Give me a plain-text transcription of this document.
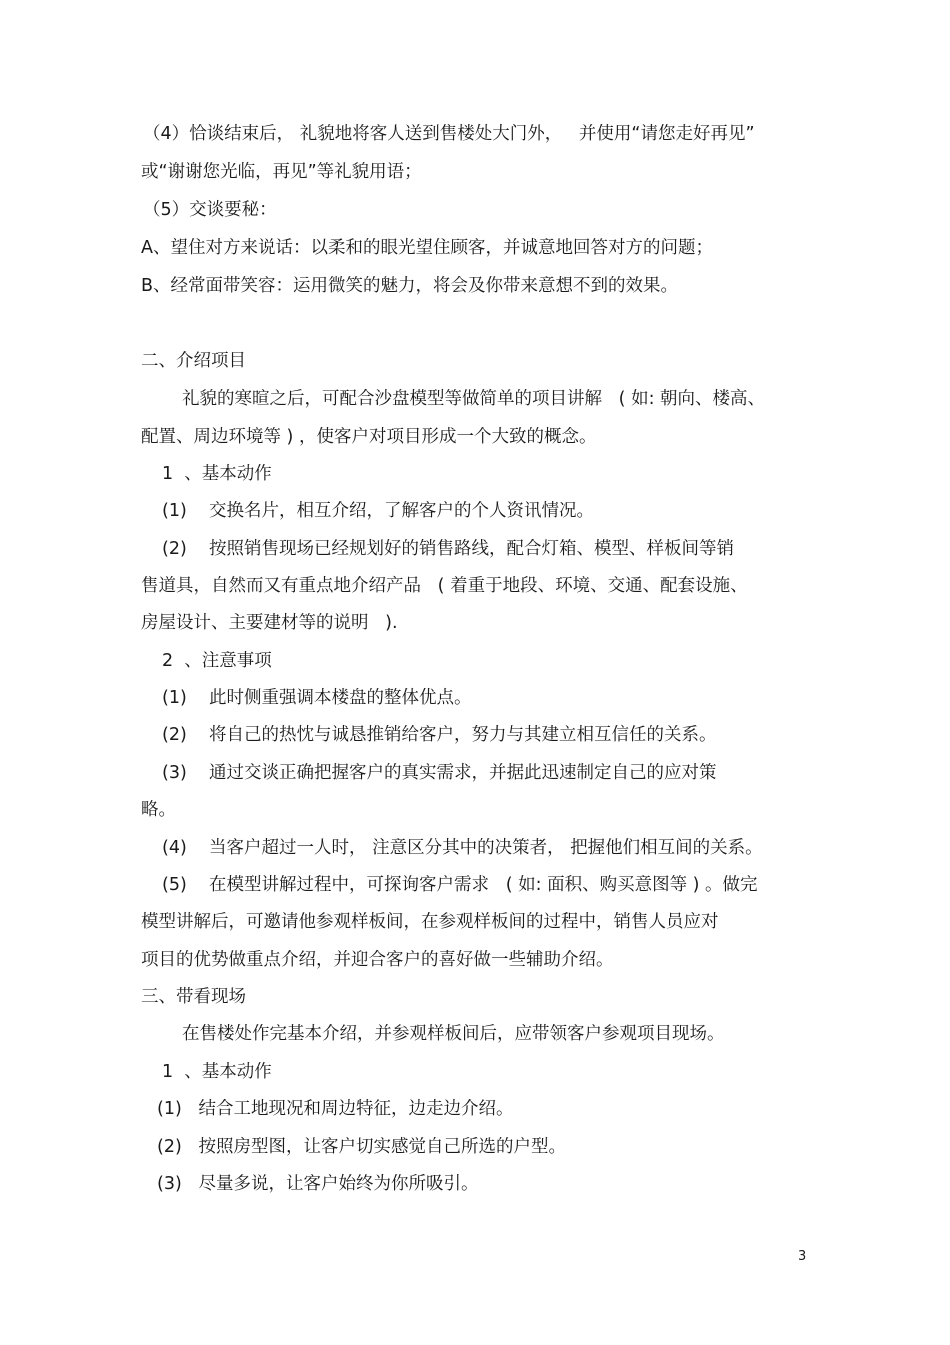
（4）恰谈结束后， 礼貌地将客人送到售楼处大门外，   并使用“请您走好再见”
或“谢谢您光临，再见”等礼貌用语；
（5）交谈要秘：
A、望住对方来说话：以柔和的眼光望住顾客，并诚意地回答对方的问题；
B、经常面带笑容：运用微笑的魅力，将会及你带来意想不到的效果。
二、介绍项目
礼貌的寒暄之后，可配合沙盘模型等做简单的项目讲解   ( 如: 朝向、楼高、
配置、周边环境等 ) ，使客户对项目形成一个大致的概念。
1  、基本动作
(1)    交换名片，相互介绍，了解客户的个人资讯情况。
(2)    按照销售现场已经规划好的销售路线，配合灯箱、模型、样板间等销
售道具，自然而又有重点地介绍产品   ( 着重于地段、环境、交通、配套设施、
房屋设计、主要建材等的说明   ).
2  、注意事项
(1)    此时侧重强调本楼盘的整体优点。
(2)    将自己的热忱与诚恳推销给客户，努力与其建立相互信任的关系。
(3)    通过交谈正确把握客户的真实需求，并据此迅速制定自己的应对策
略。
(4)    当客户超过一人时， 注意区分其中的决策者， 把握他们相互间的关系。
(5)    在模型讲解过程中，可探询客户需求   ( 如: 面积、购买意图等 ) 。做完
模型讲解后，可邀请他参观样板间，在参观样板间的过程中，销售人员应对
项目的优势做重点介绍，并迎合客户的喜好做一些辅助介绍。
三、带看现场
在售楼处作完基本介绍，并参观样板间后，应带领客户参观项目现场。
1  、基本动作
(1)   结合工地现况和周边特征，边走边介绍。
(2)   按照房型图，让客户切实感觉自己所选的户型。
(3)   尽量多说，让客户始终为你所吸引。
3
